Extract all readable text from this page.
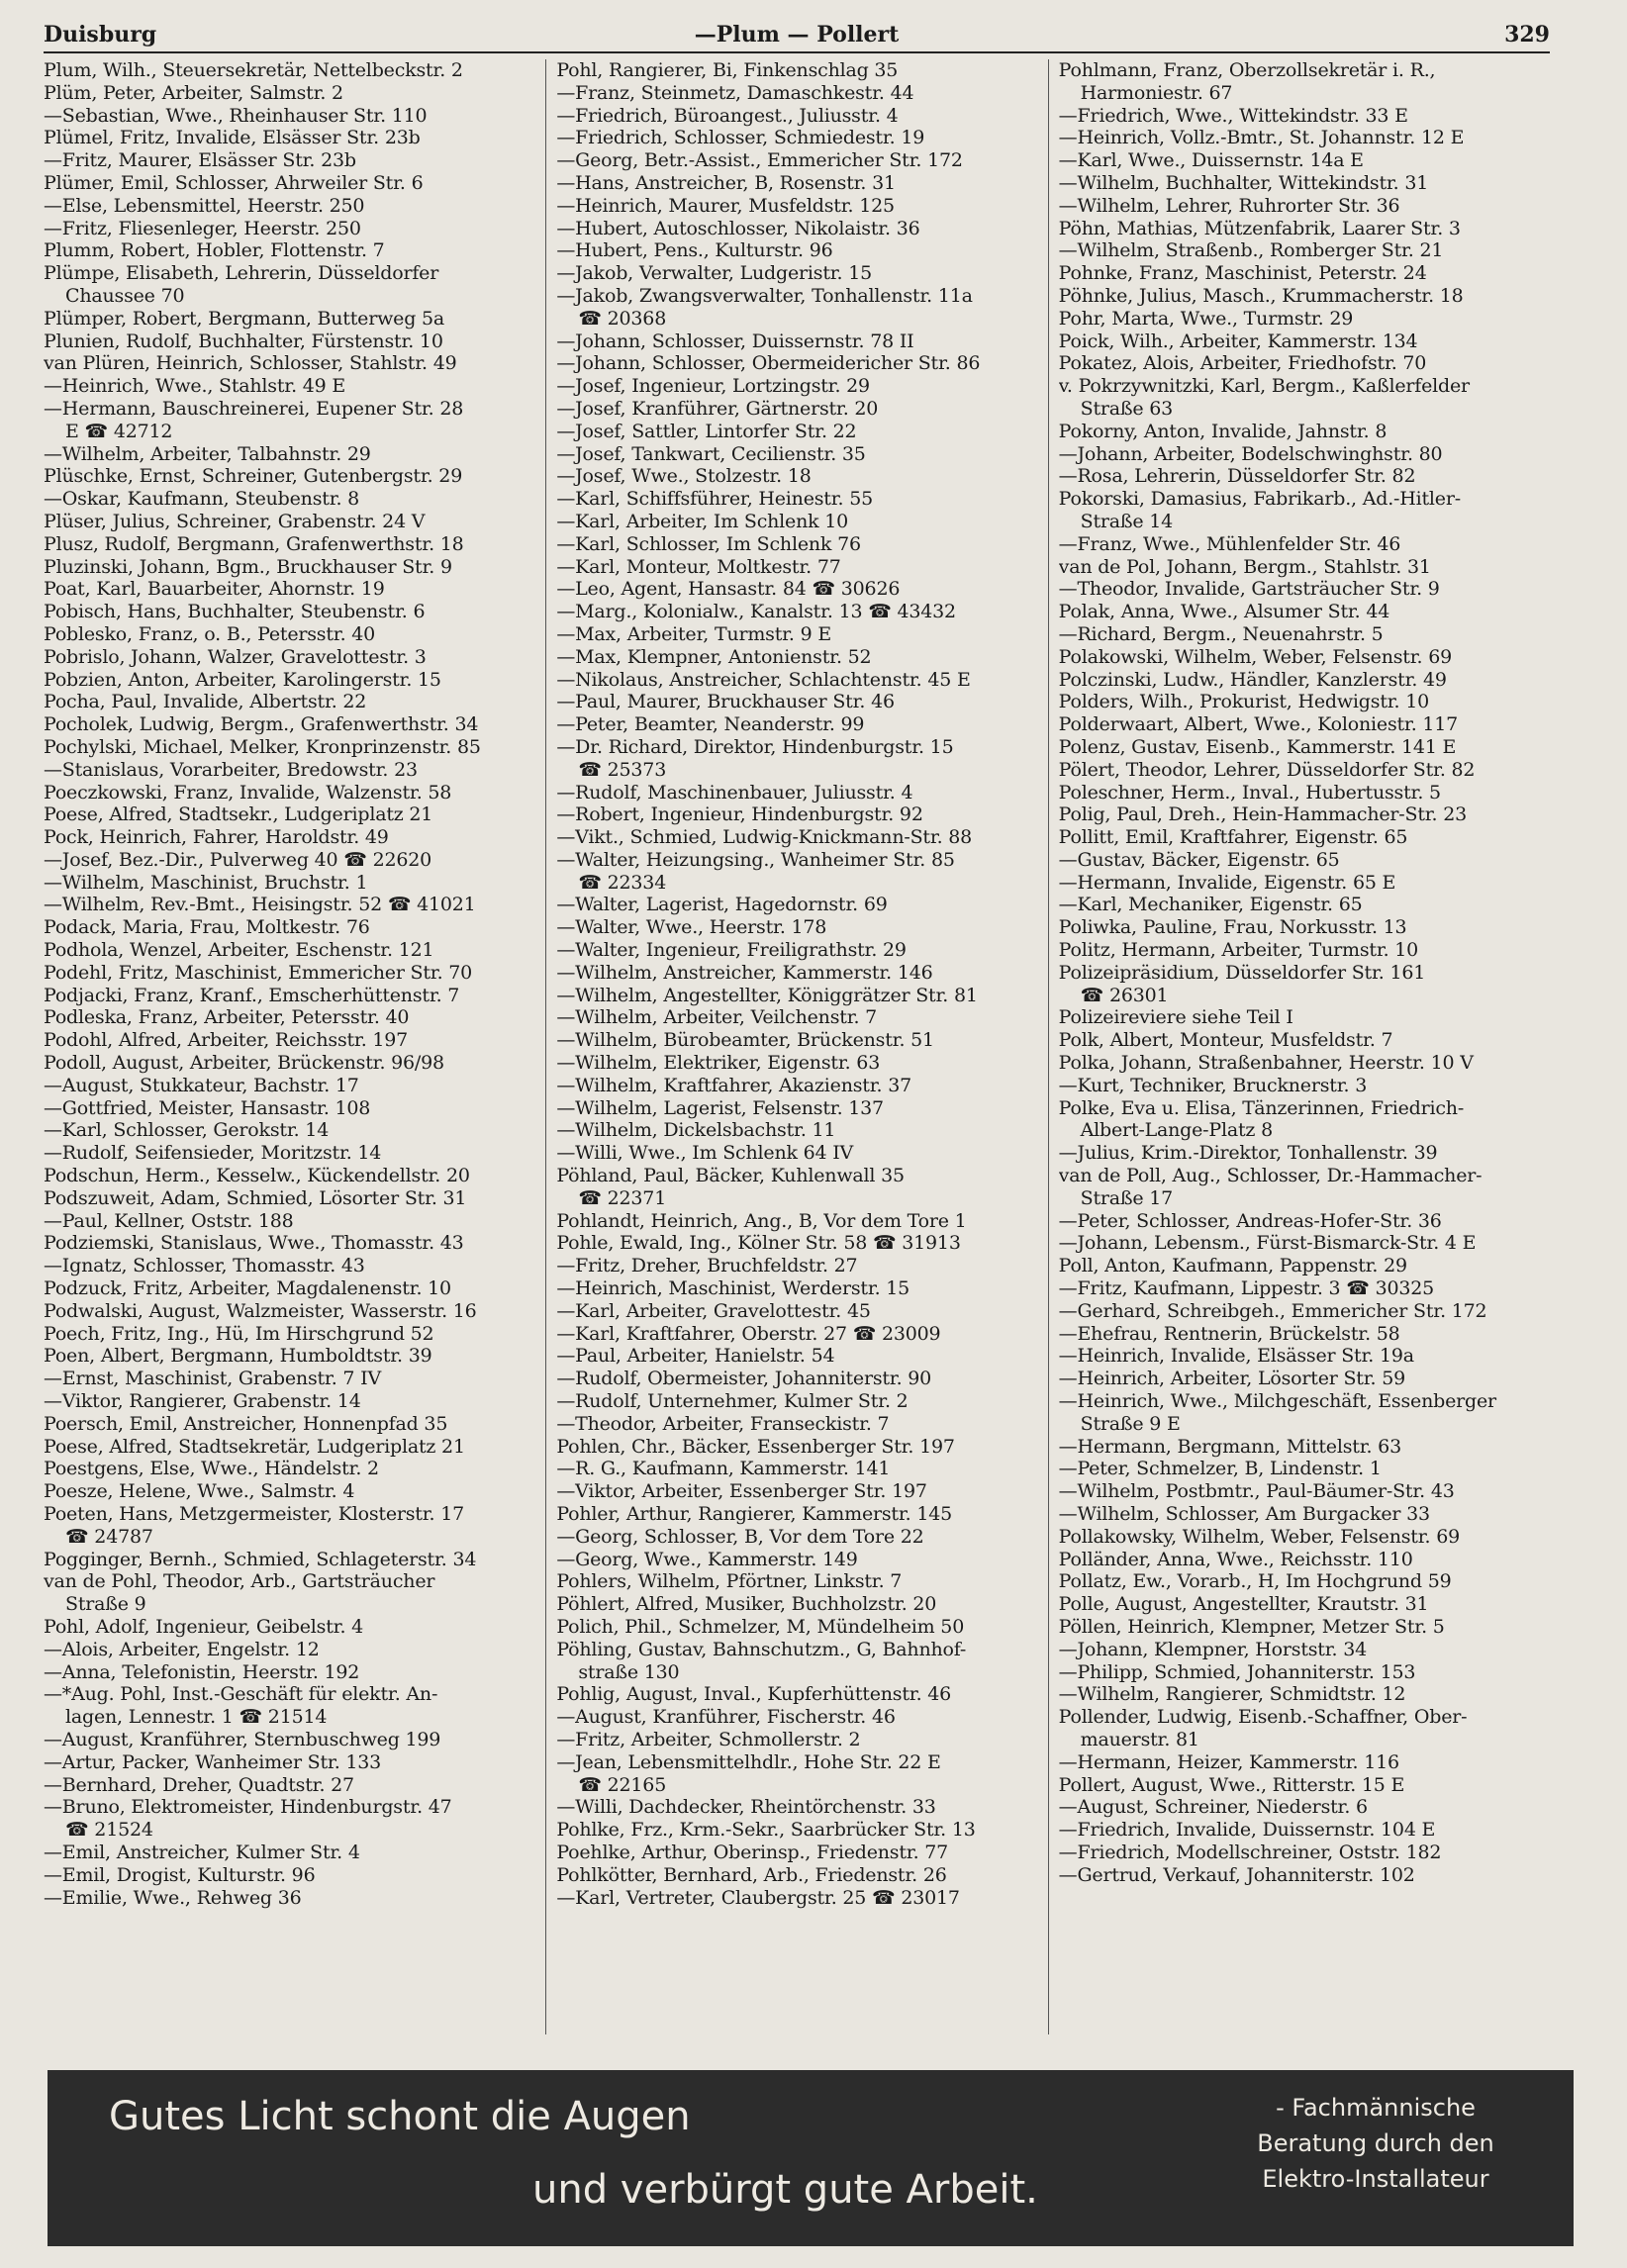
Duisburg	—Plum — Pollert	329
Plum, Wilh., Steuersekretär, Nettelbeckstr. 2
Plüm, Peter, Arbeiter, Salmstr. 2
—Sebastian, Wwe., Rheinhauser Str. 110
Plümel, Fritz, Invalide, Elsässer Str. 23b
—Fritz, Maurer, Elsässer Str. 23b
Plümer, Emil, Schlosser, Ahrweiler Str. 6
—Else, Lebensmittel, Heerstr. 250
—Fritz, Fliesenleger, Heerstr. 250
Plumm, Robert, Hobler, Flottenstr. 7
Plümpe, Elisabeth, Lehrerin, Düsseldorfer
Chaussee 70
Plümper, Robert, Bergmann, Butterweg 5a
Plunien, Rudolf, Buchhalter, Fürstenstr. 10
van Plüren, Heinrich, Schlosser, Stahlstr. 49
—Heinrich, Wwe., Stahlstr. 49 E
—Hermann, Bauschreinerei, Eupener Str. 28
E ☎ 42712
—Wilhelm, Arbeiter, Talbahnstr. 29
Plüschke, Ernst, Schreiner, Gutenbergstr. 29
—Oskar, Kaufmann, Steubenstr. 8
Plüser, Julius, Schreiner, Grabenstr. 24 V
Plusz, Rudolf, Bergmann, Grafenwerthstr. 18
Pluzinski, Johann, Bgm., Bruckhauser Str. 9
Poat, Karl, Bauarbeiter, Ahornstr. 19
Pobisch, Hans, Buchhalter, Steubenstr. 6
Poblesko, Franz, o. B., Petersstr. 40
Pobrislo, Johann, Walzer, Gravelottestr. 3
Pobzien, Anton, Arbeiter, Karolingerstr. 15
Pocha, Paul, Invalide, Albertstr. 22
Pocholek, Ludwig, Bergm., Grafenwerthstr. 34
Pochylski, Michael, Melker, Kronprinzenstr. 85
—Stanislaus, Vorarbeiter, Bredowstr. 23
Poeczkowski, Franz, Invalide, Walzenstr. 58
Poese, Alfred, Stadtsekr., Ludgeriplatz 21
Pock, Heinrich, Fahrer, Haroldstr. 49
—Josef, Bez.-Dir., Pulverweg 40 ☎ 22620
—Wilhelm, Maschinist, Bruchstr. 1
—Wilhelm, Rev.-Bmt., Heisingstr. 52 ☎ 41021
Podack, Maria, Frau, Moltkestr. 76
Podhola, Wenzel, Arbeiter, Eschenstr. 121
Podehl, Fritz, Maschinist, Emmericher Str. 70
Podjacki, Franz, Kranf., Emscherhüttenstr. 7
Podleska, Franz, Arbeiter, Petersstr. 40
Podohl, Alfred, Arbeiter, Reichsstr. 197
Podoll, August, Arbeiter, Brückenstr. 96/98
—August, Stukkateur, Bachstr. 17
—Gottfried, Meister, Hansastr. 108
—Karl, Schlosser, Gerokstr. 14
—Rudolf, Seifensieder, Moritzstr. 14
Podschun, Herm., Kesselw., Kückendellstr. 20
Podszuweit, Adam, Schmied, Lösorter Str. 31
—Paul, Kellner, Oststr. 188
Podziemski, Stanislaus, Wwe., Thomasstr. 43
—Ignatz, Schlosser, Thomasstr. 43
Podzuck, Fritz, Arbeiter, Magdalenenstr. 10
Podwalski, August, Walzmeister, Wasserstr. 16
Poech, Fritz, Ing., Hü, Im Hirschgrund 52
Poen, Albert, Bergmann, Humboldtstr. 39
—Ernst, Maschinist, Grabenstr. 7 IV
—Viktor, Rangierer, Grabenstr. 14
Poersch, Emil, Anstreicher, Honnenpfad 35
Poese, Alfred, Stadtsekretär, Ludgeriplatz 21
Poestgens, Else, Wwe., Händelstr. 2
Poesze, Helene, Wwe., Salmstr. 4
Poeten, Hans, Metzgermeister, Klosterstr. 17
☎ 24787
Pogginger, Bernh., Schmied, Schlageterstr. 34
van de Pohl, Theodor, Arb., Gartsträucher
Straße 9
Pohl, Adolf, Ingenieur, Geibelstr. 4
—Alois, Arbeiter, Engelstr. 12
—Anna, Telefonistin, Heerstr. 192
—*Aug. Pohl, Inst.-Geschäft für elektr. An-
lagen, Lennestr. 1 ☎ 21514
—August, Kranführer, Sternbuschweg 199
—Artur, Packer, Wanheimer Str. 133
—Bernhard, Dreher, Quadtstr. 27
—Bruno, Elektromeister, Hindenburgstr. 47
☎ 21524
—Emil, Anstreicher, Kulmer Str. 4
—Emil, Drogist, Kulturstr. 96
—Emilie, Wwe., Rehweg 36
Pohl, Rangierer, Bi, Finkenschlag 35
—Franz, Steinmetz, Damaschkestr. 44
—Friedrich, Büroangest., Juliusstr. 4
—Friedrich, Schlosser, Schmiedestr. 19
—Georg, Betr.-Assist., Emmericher Str. 172
—Hans, Anstreicher, B, Rosenstr. 31
—Heinrich, Maurer, Musfeldstr. 125
—Hubert, Autoschlosser, Nikolaistr. 36
—Hubert, Pens., Kulturstr. 96
—Jakob, Verwalter, Ludgeristr. 15
—Jakob, Zwangsverwalter, Tonhallenstr. 11a
☎ 20368
—Johann, Schlosser, Duissernstr. 78 II
—Johann, Schlosser, Obermeidericher Str. 86
—Josef, Ingenieur, Lortzingstr. 29
—Josef, Kranführer, Gärtnerstr. 20
—Josef, Sattler, Lintorfer Str. 22
—Josef, Tankwart, Cecilienstr. 35
—Josef, Wwe., Stolzestr. 18
—Karl, Schiffsführer, Heinestr. 55
—Karl, Arbeiter, Im Schlenk 10
—Karl, Schlosser, Im Schlenk 76
—Karl, Monteur, Moltkestr. 77
—Leo, Agent, Hansastr. 84 ☎ 30626
—Marg., Kolonialw., Kanalstr. 13 ☎ 43432
—Max, Arbeiter, Turmstr. 9 E
—Max, Klempner, Antonienstr. 52
—Nikolaus, Anstreicher, Schlachtenstr. 45 E
—Paul, Maurer, Bruckhauser Str. 46
—Peter, Beamter, Neanderstr. 99
—Dr. Richard, Direktor, Hindenburgstr. 15
☎ 25373
—Rudolf, Maschinenbauer, Juliusstr. 4
—Robert, Ingenieur, Hindenburgstr. 92
—Vikt., Schmied, Ludwig-Knickmann-Str. 88
—Walter, Heizungsing., Wanheimer Str. 85
☎ 22334
—Walter, Lagerist, Hagedornstr. 69
—Walter, Wwe., Heerstr. 178
—Walter, Ingenieur, Freiligrathstr. 29
—Wilhelm, Anstreicher, Kammerstr. 146
—Wilhelm, Angestellter, Königgrätzer Str. 81
—Wilhelm, Arbeiter, Veilchenstr. 7
—Wilhelm, Bürobeamter, Brückenstr. 51
—Wilhelm, Elektriker, Eigenstr. 63
—Wilhelm, Kraftfahrer, Akazienstr. 37
—Wilhelm, Lagerist, Felsenstr. 137
—Wilhelm, Dickelsbachstr. 11
—Willi, Wwe., Im Schlenk 64 IV
Pöhland, Paul, Bäcker, Kuhlenwall 35
☎ 22371
Pohlandt, Heinrich, Ang., B, Vor dem Tore 1
Pohle, Ewald, Ing., Kölner Str. 58 ☎ 31913
—Fritz, Dreher, Bruchfeldstr. 27
—Heinrich, Maschinist, Werderstr. 15
—Karl, Arbeiter, Gravelottestr. 45
—Karl, Kraftfahrer, Oberstr. 27 ☎ 23009
—Paul, Arbeiter, Hanielstr. 54
—Rudolf, Obermeister, Johanniterstr. 90
—Rudolf, Unternehmer, Kulmer Str. 2
—Theodor, Arbeiter, Franseckistr. 7
Pohlen, Chr., Bäcker, Essenberger Str. 197
—R. G., Kaufmann, Kammerstr. 141
—Viktor, Arbeiter, Essenberger Str. 197
Pohler, Arthur, Rangierer, Kammerstr. 145
—Georg, Schlosser, B, Vor dem Tore 22
—Georg, Wwe., Kammerstr. 149
Pohlers, Wilhelm, Pförtner, Linkstr. 7
Pöhlert, Alfred, Musiker, Buchholzstr. 20
Polich, Phil., Schmelzer, M, Mündelheim 50
Pöhling, Gustav, Bahnschutzm., G, Bahnhof-
straße 130
Pohlig, August, Inval., Kupferhüttenstr. 46
—August, Kranführer, Fischerstr. 46
—Fritz, Arbeiter, Schmollerstr. 2
—Jean, Lebensmittelhdlr., Hohe Str. 22 E
☎ 22165
—Willi, Dachdecker, Rheintörchenstr. 33
Pohlke, Frz., Krm.-Sekr., Saarbrücker Str. 13
Poehlke, Arthur, Oberinsp., Friedenstr. 77
Pohlkötter, Bernhard, Arb., Friedenstr. 26
—Karl, Vertreter, Claubergstr. 25 ☎ 23017
Pohlmann, Franz, Oberzollsekretär i. R.,
Harmoniestr. 67
—Friedrich, Wwe., Wittekindstr. 33 E
—Heinrich, Vollz.-Bmtr., St. Johannstr. 12 E
—Karl, Wwe., Duissernstr. 14a E
—Wilhelm, Buchhalter, Wittekindstr. 31
—Wilhelm, Lehrer, Ruhrorter Str. 36
Pöhn, Mathias, Mützenfabrik, Laarer Str. 3
—Wilhelm, Straßenb., Romberger Str. 21
Pohnke, Franz, Maschinist, Peterstr. 24
Pöhnke, Julius, Masch., Krummacherstr. 18
Pohr, Marta, Wwe., Turmstr. 29
Poick, Wilh., Arbeiter, Kammerstr. 134
Pokatez, Alois, Arbeiter, Friedhofstr. 70
v. Pokrzywnitzki, Karl, Bergm., Kaßlerfelder
Straße 63
Pokorny, Anton, Invalide, Jahnstr. 8
—Johann, Arbeiter, Bodelschwinghstr. 80
—Rosa, Lehrerin, Düsseldorfer Str. 82
Pokorski, Damasius, Fabrikarb., Ad.-Hitler-
Straße 14
—Franz, Wwe., Mühlenfelder Str. 46
van de Pol, Johann, Bergm., Stahlstr. 31
—Theodor, Invalide, Gartsträucher Str. 9
Polak, Anna, Wwe., Alsumer Str. 44
—Richard, Bergm., Neuenahrstr. 5
Polakowski, Wilhelm, Weber, Felsenstr. 69
Polczinski, Ludw., Händler, Kanzlerstr. 49
Polders, Wilh., Prokurist, Hedwigstr. 10
Polderwaart, Albert, Wwe., Koloniestr. 117
Polenz, Gustav, Eisenb., Kammerstr. 141 E
Pölert, Theodor, Lehrer, Düsseldorfer Str. 82
Poleschner, Herm., Inval., Hubertusstr. 5
Polig, Paul, Dreh., Hein-Hammacher-Str. 23
Pollitt, Emil, Kraftfahrer, Eigenstr. 65
—Gustav, Bäcker, Eigenstr. 65
—Hermann, Invalide, Eigenstr. 65 E
—Karl, Mechaniker, Eigenstr. 65
Poliwka, Pauline, Frau, Norkusstr. 13
Politz, Hermann, Arbeiter, Turmstr. 10
Polizeipräsidium, Düsseldorfer Str. 161
☎ 26301
Polizeireviere siehe Teil I
Polk, Albert, Monteur, Musfeldstr. 7
Polka, Johann, Straßenbahner, Heerstr. 10 V
—Kurt, Techniker, Brucknerstr. 3
Polke, Eva u. Elisa, Tänzerinnen, Friedrich-
Albert-Lange-Platz 8
—Julius, Krim.-Direktor, Tonhallenstr. 39
van de Poll, Aug., Schlosser, Dr.-Hammacher-
Straße 17
—Peter, Schlosser, Andreas-Hofer-Str. 36
—Johann, Lebensm., Fürst-Bismarck-Str. 4 E
Poll, Anton, Kaufmann, Pappenstr. 29
—Fritz, Kaufmann, Lippestr. 3 ☎ 30325
—Gerhard, Schreibgeh., Emmericher Str. 172
—Ehefrau, Rentnerin, Brückelstr. 58
—Heinrich, Invalide, Elsässer Str. 19a
—Heinrich, Arbeiter, Lösorter Str. 59
—Heinrich, Wwe., Milchgeschäft, Essenberger
Straße 9 E
—Hermann, Bergmann, Mittelstr. 63
—Peter, Schmelzer, B, Lindenstr. 1
—Wilhelm, Postbmtr., Paul-Bäumer-Str. 43
—Wilhelm, Schlosser, Am Burgacker 33
Pollakowsky, Wilhelm, Weber, Felsenstr. 69
Polländer, Anna, Wwe., Reichsstr. 110
Pollatz, Ew., Vorarb., H, Im Hochgrund 59
Polle, August, Angestellter, Krautstr. 31
Pöllen, Heinrich, Klempner, Metzer Str. 5
—Johann, Klempner, Horststr. 34
—Philipp, Schmied, Johanniterstr. 153
—Wilhelm, Rangierer, Schmidtstr. 12
Pollender, Ludwig, Eisenb.-Schaffner, Ober-
mauerstr. 81
—Hermann, Heizer, Kammerstr. 116
Pollert, August, Wwe., Ritterstr. 15 E
—August, Schreiner, Niederstr. 6
—Friedrich, Invalide, Duissernstr. 104 E
—Friedrich, Modellschreiner, Oststr. 182
—Gertrud, Verkauf, Johanniterstr. 102
Gutes Licht schont die Augen
und verbürgt gute Arbeit.
- Fachmännische
Beratung durch den
Elektro-Installateur
